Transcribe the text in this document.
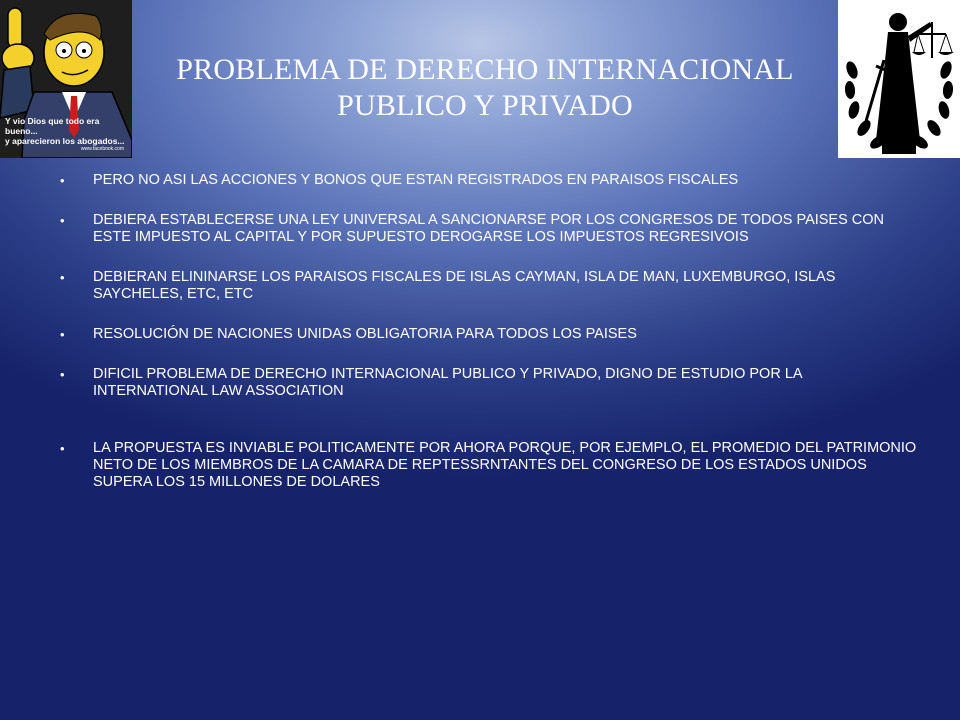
Y vio Dios que todo era bueno...
y aparecieron los abogados...
www.facebook.com
PROBLEMA DE DERECHO INTERNACIONAL
PUBLICO Y PRIVADO
• PERO NO ASI LAS ACCIONES Y BONOS QUE ESTAN REGISTRADOS EN PARAISOS FISCALES
• DEBIERA ESTABLECERSE UNA LEY UNIVERSAL A SANCIONARSE POR LOS CONGRESOS DE TODOS PAISES CON ESTE IMPUESTO AL CAPITAL Y POR SUPUESTO DEROGARSE LOS IMPUESTOS REGRESIVOIS
• DEBIERAN ELININARSE LOS PARAISOS FISCALES DE ISLAS CAYMAN, ISLA DE MAN, LUXEMBURGO, ISLAS SAYCHELES, ETC, ETC
• RESOLUCIÓN DE NACIONES UNIDAS OBLIGATORIA PARA TODOS LOS PAISES
• DIFICIL PROBLEMA DE DERECHO INTERNACIONAL PUBLICO Y PRIVADO, DIGNO DE ESTUDIO POR LA INTERNATIONAL LAW ASSOCIATION
• LA PROPUESTA ES INVIABLE POLITICAMENTE POR AHORA PORQUE, POR EJEMPLO, EL PROMEDIO DEL PATRIMONIO NETO DE LOS MIEMBROS DE LA CAMARA DE REPTESSRNTANTES DEL CONGRESO DE LOS ESTADOS UNIDOS SUPERA LOS 15 MILLONES DE DOLARES
